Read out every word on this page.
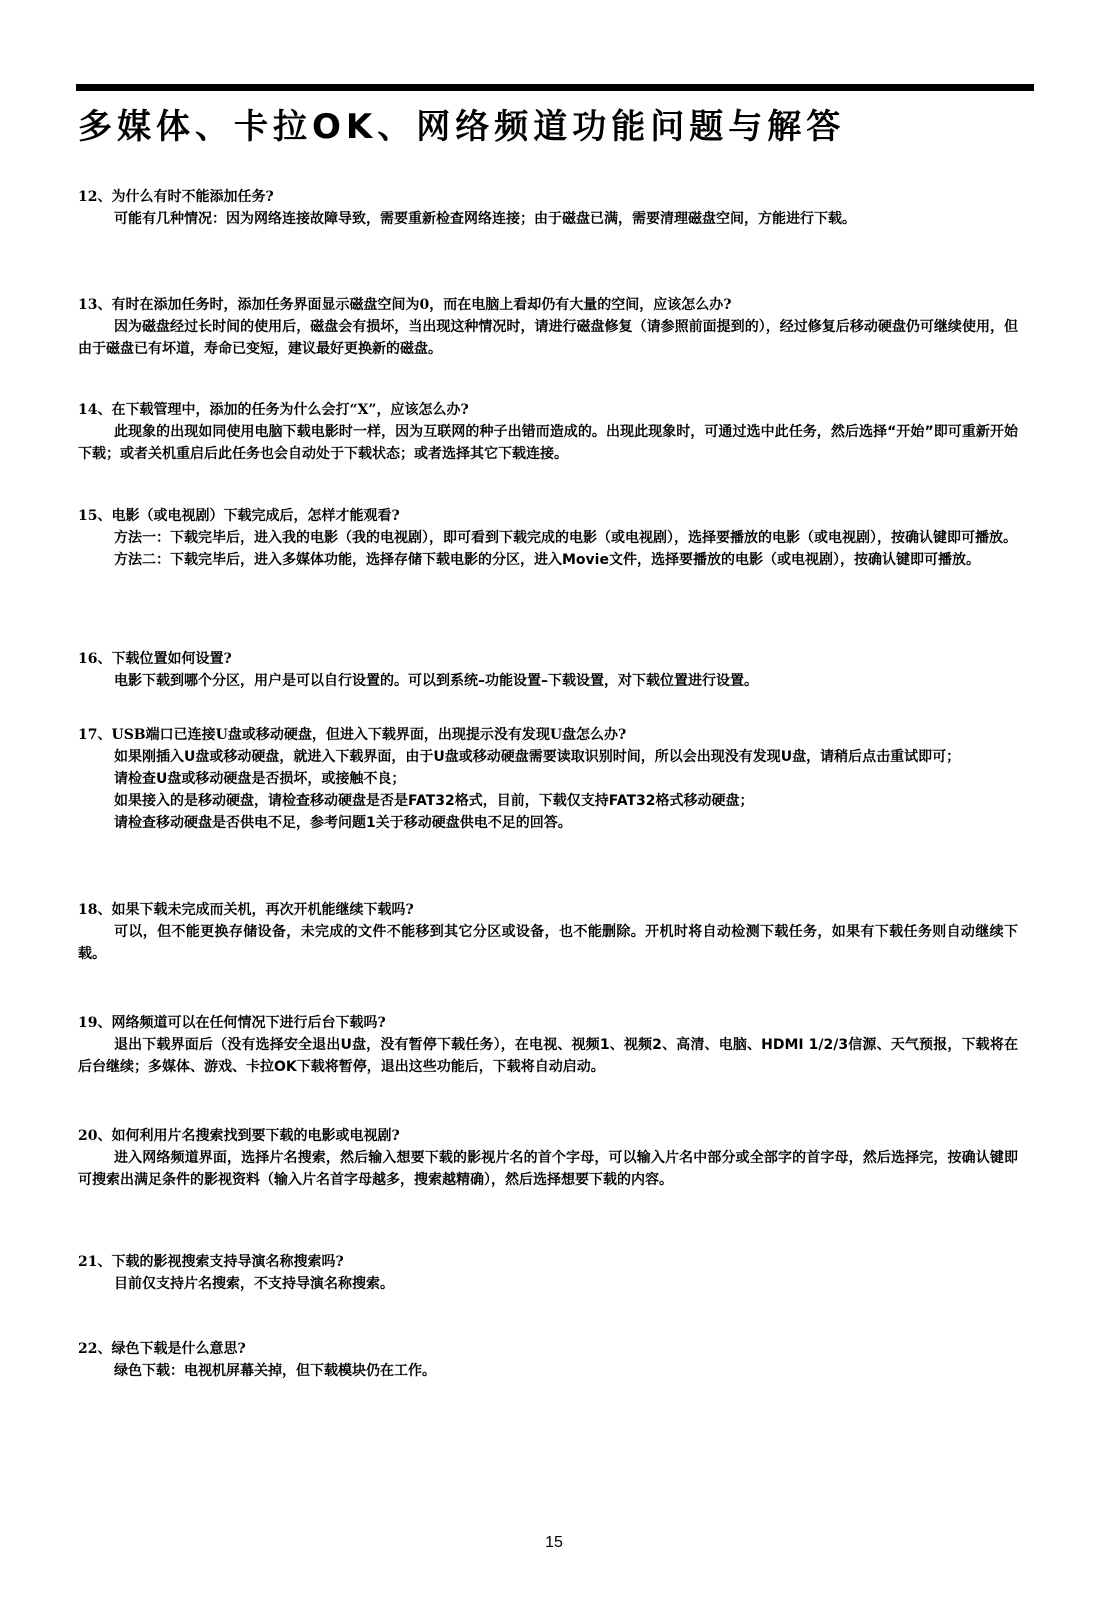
多媒体、卡拉OK、网络频道功能问题与解答
12、为什么有时不能添加任务?

可能有几种情况：因为网络连接故障导致，需要重新检查网络连接；由于磁盘已满，需要清理磁盘空间，方能进行下载。

13、有时在添加任务时，添加任务界面显示磁盘空间为0，而在电脑上看却仍有大量的空间，应该怎么办?

因为磁盘经过长时间的使用后，磁盘会有损坏，当出现这种情况时，请进行磁盘修复（请参照前面提到的），经过修复后移动硬盘仍可继续使用，但由于磁盘已有坏道，寿命已变短，建议最好更换新的磁盘。

14、在下载管理中，添加的任务为什么会打“X”，应该怎么办?

此现象的出现如同使用电脑下载电影时一样，因为互联网的种子出错而造成的。出现此现象时，可通过选中此任务，然后选择“开始”即可重新开始下载；或者关机重启后此任务也会自动处于下载状态；或者选择其它下载连接。

15、电影（或电视剧）下载完成后，怎样才能观看?

方法一：下载完毕后，进入我的电影（我的电视剧），即可看到下载完成的电影（或电视剧），选择要播放的电影（或电视剧），按确认键即可播放。

方法二：下载完毕后，进入多媒体功能，选择存储下载电影的分区，进入Movie文件，选择要播放的电影（或电视剧），按确认键即可播放。

16、下载位置如何设置?

电影下载到哪个分区，用户是可以自行设置的。可以到系统–功能设置–下载设置，对下载位置进行设置。

17、USB端口已连接U盘或移动硬盘，但进入下载界面，出现提示没有发现U盘怎么办?

如果刚插入U盘或移动硬盘，就进入下载界面，由于U盘或移动硬盘需要读取识别时间，所以会出现没有发现U盘，请稍后点击重试即可；

请检查U盘或移动硬盘是否损坏，或接触不良；

如果接入的是移动硬盘，请检查移动硬盘是否是FAT32格式，目前，下载仅支持FAT32格式移动硬盘；

请检查移动硬盘是否供电不足，参考问题1关于移动硬盘供电不足的回答。

18、如果下载未完成而关机，再次开机能继续下载吗?

可以，但不能更换存储设备，未完成的文件不能移到其它分区或设备，也不能删除。开机时将自动检测下载任务，如果有下载任务则自动继续下载。

19、网络频道可以在任何情况下进行后台下载吗?

退出下载界面后（没有选择安全退出U盘，没有暂停下载任务），在电视、视频1、视频2、高清、电脑、HDMI 1/2/3信源、天气预报，下载将在后台继续；多媒体、游戏、卡拉OK下载将暂停，退出这些功能后，下载将自动启动。

20、如何利用片名搜索找到要下载的电影或电视剧?

进入网络频道界面，选择片名搜索，然后输入想要下载的影视片名的首个字母，可以输入片名中部分或全部字的首字母，然后选择完，按确认键即可搜索出满足条件的影视资料（输入片名首字母越多，搜索越精确），然后选择想要下载的内容。

21、下载的影视搜索支持导演名称搜索吗?

目前仅支持片名搜索，不支持导演名称搜索。

22、绿色下载是什么意思?

绿色下载：电视机屏幕关掉，但下载模块仍在工作。

15
